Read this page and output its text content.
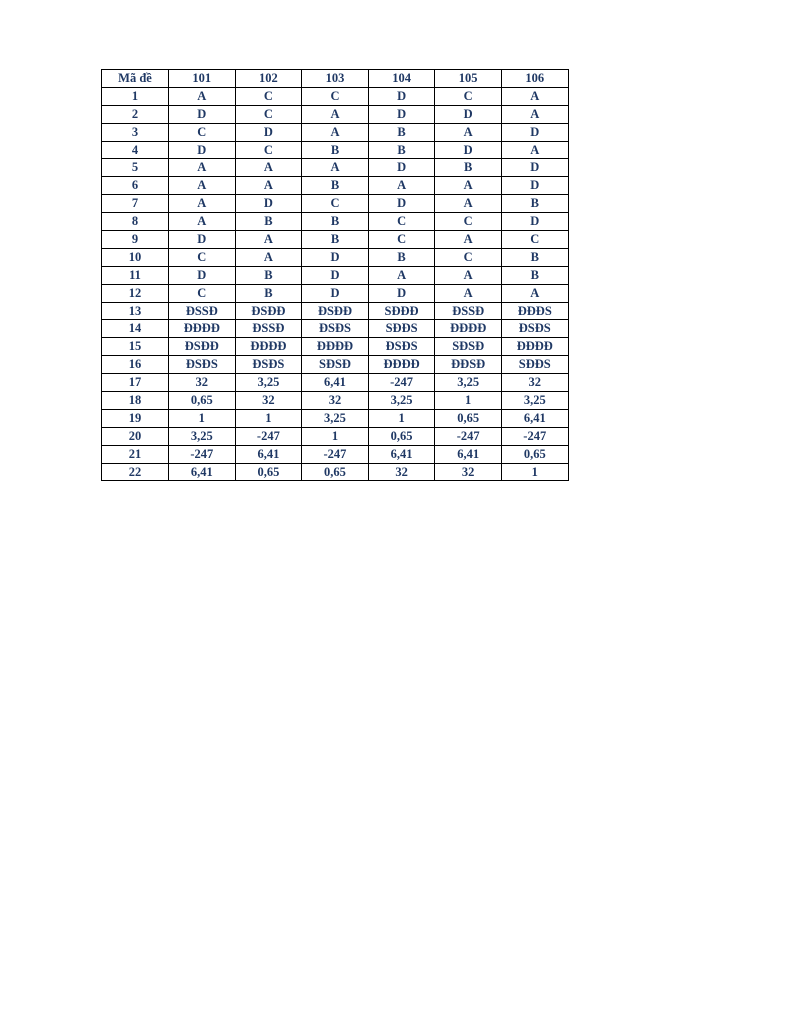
Mã đề	101	102	103	104	105	106
1	A	C	C	D	C	A
2	D	C	A	D	D	A
3	C	D	A	B	A	D
4	D	C	B	B	D	A
5	A	A	A	D	B	D
6	A	A	B	A	A	D
7	A	D	C	D	A	B
8	A	B	B	C	C	D
9	D	A	B	C	A	C
10	C	A	D	B	C	B
11	D	B	D	A	A	B
12	C	B	D	D	A	A
13	ĐSSĐ	ĐSĐĐ	ĐSĐĐ	SĐĐĐ	ĐSSĐ	ĐĐĐS
14	ĐĐĐĐ	ĐSSĐ	ĐSĐS	SĐĐS	ĐĐĐĐ	ĐSĐS
15	ĐSĐĐ	ĐĐĐĐ	ĐĐĐĐ	ĐSĐS	SĐSĐ	ĐĐĐĐ
16	ĐSĐS	ĐSĐS	SĐSĐ	ĐĐĐĐ	ĐĐSĐ	SĐĐS
17	32	3,25	6,41	-247	3,25	32
18	0,65	32	32	3,25	1	3,25
19	1	1	3,25	1	0,65	6,41
20	3,25	-247	1	0,65	-247	-247
21	-247	6,41	-247	6,41	6,41	0,65
22	6,41	0,65	0,65	32	32	1
